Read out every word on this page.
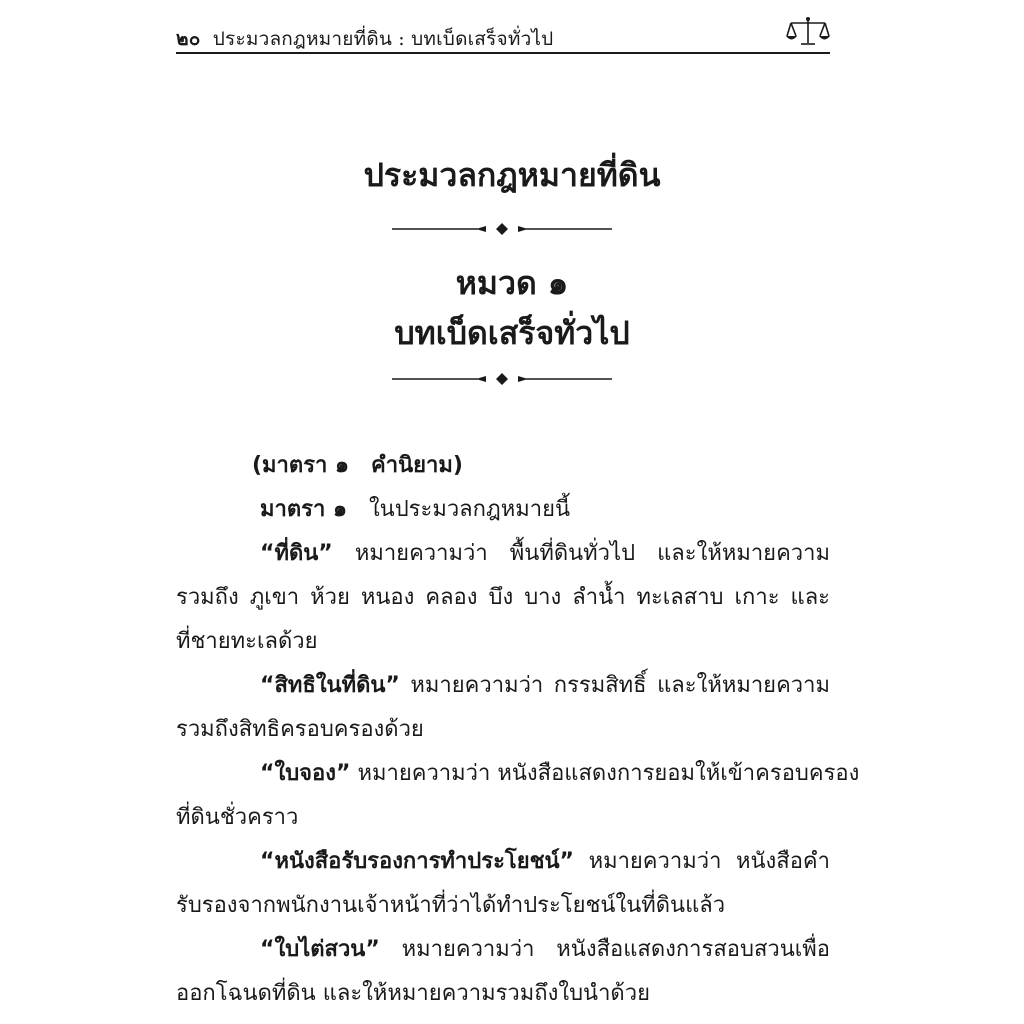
๒๐ ประมวลกฎหมายที่ดิน : บทเบ็ดเสร็จทั่วไป
ประมวลกฎหมายที่ดิน
หมวด ๑
บทเบ็ดเสร็จทั่วไป
(มาตรา ๑ คำนิยาม)
มาตรา ๑ ในประมวลกฎหมายนี้
“ที่ดิน” หมายความว่า พื้นที่ดินทั่วไป และให้หมายความ
รวมถึง ภูเขา ห้วย หนอง คลอง บึง บาง ลำน้ำ ทะเลสาบ เกาะ และ
ที่ชายทะเลด้วย
“สิทธิในที่ดิน” หมายความว่า กรรมสิทธิ์ และให้หมายความ
รวมถึงสิทธิครอบครองด้วย
“ใบจอง” หมายความว่า หนังสือแสดงการยอมให้เข้าครอบครอง
ที่ดินชั่วคราว
“หนังสือรับรองการทำประโยชน์” หมายความว่า หนังสือคำ
รับรองจากพนักงานเจ้าหน้าที่ว่าได้ทำประโยชน์ในที่ดินแล้ว
“ใบไต่สวน” หมายความว่า หนังสือแสดงการสอบสวนเพื่อ
ออกโฉนดที่ดิน และให้หมายความรวมถึงใบนำด้วย
